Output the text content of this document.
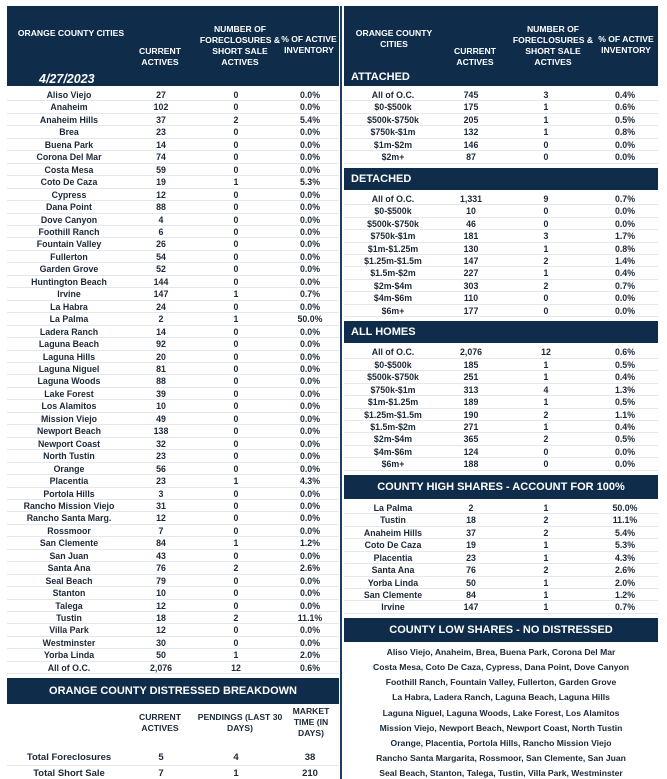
ORANGE COUNTY CITIES
CURRENT ACTIVES
NUMBER OF FORECLOSURES & SHORT SALE ACTIVES
% OF ACTIVE INVENTORY
4/27/2023
Aliso Viejo	27	0	0.0%
Anaheim	102	0	0.0%
Anaheim Hills	37	2	5.4%
Brea	23	0	0.0%
Buena Park	14	0	0.0%
Corona Del Mar	74	0	0.0%
Costa Mesa	59	0	0.0%
Coto De Caza	19	1	5.3%
Cypress	12	0	0.0%
Dana Point	88	0	0.0%
Dove Canyon	4	0	0.0%
Foothill Ranch	6	0	0.0%
Fountain Valley	26	0	0.0%
Fullerton	54	0	0.0%
Garden Grove	52	0	0.0%
Huntington Beach	144	0	0.0%
Irvine	147	1	0.7%
La Habra	24	0	0.0%
La Palma	2	1	50.0%
Ladera Ranch	14	0	0.0%
Laguna Beach	92	0	0.0%
Laguna Hills	20	0	0.0%
Laguna Niguel	81	0	0.0%
Laguna Woods	88	0	0.0%
Lake Forest	39	0	0.0%
Los Alamitos	10	0	0.0%
Mission Viejo	49	0	0.0%
Newport Beach	138	0	0.0%
Newport Coast	32	0	0.0%
North Tustin	23	0	0.0%
Orange	56	0	0.0%
Placentia	23	1	4.3%
Portola Hills	3	0	0.0%
Rancho Mission Viejo	31	0	0.0%
Rancho Santa Marg.	12	0	0.0%
Rossmoor	7	0	0.0%
San Clemente	84	1	1.2%
San Juan	43	0	0.0%
Santa Ana	76	2	2.6%
Seal Beach	79	0	0.0%
Stanton	10	0	0.0%
Talega	12	0	0.0%
Tustin	18	2	11.1%
Villa Park	12	0	0.0%
Westminster	30	0	0.0%
Yorba Linda	50	1	2.0%
All of O.C.	2,076	12	0.6%
ORANGE COUNTY DISTRESSED BREAKDOWN
CURRENT ACTIVES
PENDINGS (LAST 30 DAYS)
MARKET TIME (IN DAYS)
Total Foreclosures	5	4	38
Total Short Sale	7	1	210
ORANGE COUNTY CITIES
CURRENT ACTIVES
NUMBER OF FORECLOSURES & SHORT SALE ACTIVES
% OF ACTIVE INVENTORY
ATTACHED
All of O.C.	745	3	0.4%
$0-$500k	175	1	0.6%
$500k-$750k	205	1	0.5%
$750k-$1m	132	1	0.8%
$1m-$2m	146	0	0.0%
$2m+	87	0	0.0%
DETACHED
All of O.C.	1,331	9	0.7%
$0-$500k	10	0	0.0%
$500k-$750k	46	0	0.0%
$750k-$1m	181	3	1.7%
$1m-$1.25m	130	1	0.8%
$1.25m-$1.5m	147	2	1.4%
$1.5m-$2m	227	1	0.4%
$2m-$4m	303	2	0.7%
$4m-$6m	110	0	0.0%
$6m+	177	0	0.0%
ALL HOMES
All of O.C.	2,076	12	0.6%
$0-$500k	185	1	0.5%
$500k-$750k	251	1	0.4%
$750k-$1m	313	4	1.3%
$1m-$1.25m	189	1	0.5%
$1.25m-$1.5m	190	2	1.1%
$1.5m-$2m	271	1	0.4%
$2m-$4m	365	2	0.5%
$4m-$6m	124	0	0.0%
$6m+	188	0	0.0%
COUNTY HIGH SHARES - ACCOUNT FOR 100%
La Palma	2	1	50.0%
Tustin	18	2	11.1%
Anaheim Hills	37	2	5.4%
Coto De Caza	19	1	5.3%
Placentia	23	1	4.3%
Santa Ana	76	2	2.6%
Yorba Linda	50	1	2.0%
San Clemente	84	1	1.2%
Irvine	147	1	0.7%
COUNTY LOW SHARES - NO DISTRESSED
Aliso Viejo, Anaheim, Brea, Buena Park, Corona Del Mar
Costa Mesa, Coto De Caza, Cypress, Dana Point, Dove Canyon
Foothill Ranch, Fountain Valley, Fullerton, Garden Grove
La Habra, Ladera Ranch, Laguna Beach, Laguna Hills
Laguna Niguel, Laguna Woods, Lake Forest, Los Alamitos
Mission Viejo, Newport Beach, Newport Coast, North Tustin
Orange, Placentia, Portola Hills, Rancho Mission Viejo
Rancho Santa Margarita, Rossmoor, San Clemente, San Juan
Seal Beach, Stanton, Talega, Tustin, Villa Park, Westminster
